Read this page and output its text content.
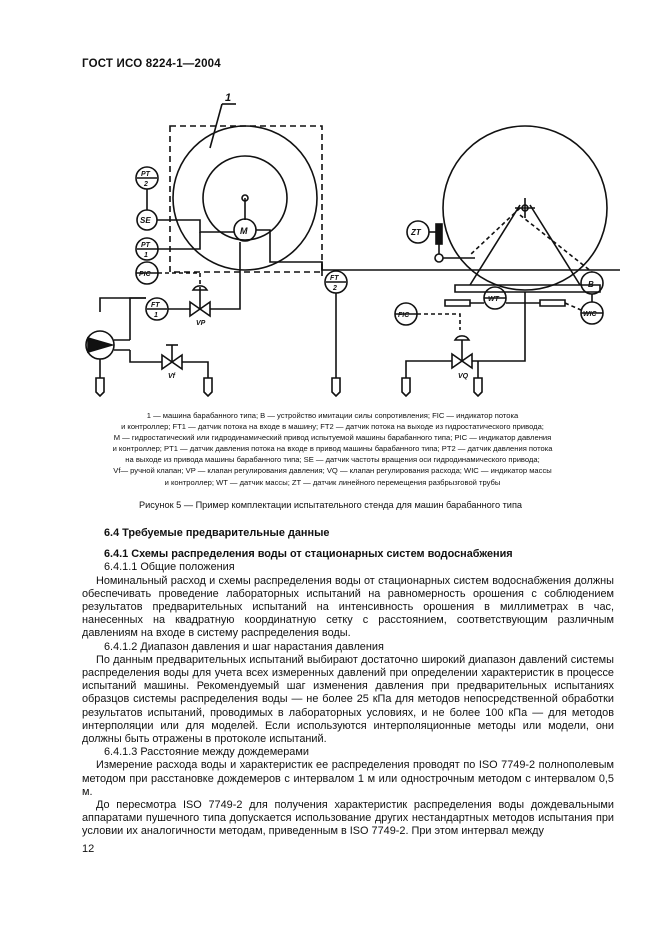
ГОСТ ИСО 8224-1—2004
1
M
PT
2
SE
PT
1
PIC
FT
1
VP
Vf
FT
2
ZT
FIC
WT
VQ
B
WIC
1 — машина барабанного типа; B — устройство имитации силы сопротивления; FIC — индикатор потока
и контроллер; FT1 — датчик потока на входе в машину; FT2 — датчик потока на выходе из гидростатического привода;
M — гидростатический или гидродинамический привод испытуемой машины барабанного типа; PIC — индикатор давления
и контроллер; PT1 — датчик давления потока на входе в привод машины барабанного типа; PT2 — датчик давления потока
на выходе из привода машины барабанного типа; SE — датчик частоты вращения оси гидродинамического привода;
Vf— ручной клапан; VP — клапан регулирования давления; VQ — клапан регулирования расхода; WIC — индикатор массы
и контроллер; WT — датчик массы; ZT — датчик линейного перемещения разбрызговой трубы
Рисунок 5 — Пример комплектации испытательного стенда для машин барабанного типа

6.4 Требуемые предварительные данные

6.4.1 Схемы распределения воды от стационарных систем водоснабжения

6.4.1.1 Общие положения

Номинальный расход и схемы распределения воды от стационарных систем водоснабжения должны обеспечивать проведение лабораторных испытаний на равномерность орошения с соблюдением результатов предварительных испытаний на интенсивность орошения в миллиметрах в час, нанесенных на квадратную координатную сетку с расстоянием, соответствующим различным давлениям на входе в систему распределения воды.

6.4.1.2 Диапазон давления и шаг нарастания давления

По данным предварительных испытаний выбирают достаточно широкий диапазон давлений системы распределения воды для учета всех измеренных давлений при определении характеристик в процессе испытаний машины. Рекомендуемый шаг изменения давления при предварительных испытаниях образцов системы распределения воды — не более 25 кПа для методов непосредственной обработки результатов испытаний, проводимых в лабораторных условиях, и не более 100 кПа — для методов интерполяции или для моделей. Если используются интерполяционные методы или модели, они должны быть отражены в протоколе испытаний.

6.4.1.3 Расстояние между дождемерами

Измерение расхода воды и характеристик ее распределения проводят по ISO 7749-2 полнополевым методом при расстановке дождемеров с интервалом 1 м или однострочным методом с интервалом 0,5 м.

До пересмотра ISO 7749-2 для получения характеристик распределения воды дождевальными аппаратами пушечного типа допускается использование других нестандартных методов испытания при условии их аналогичности методам, приведенным в ISO 7749-2. При этом интервал между

12
